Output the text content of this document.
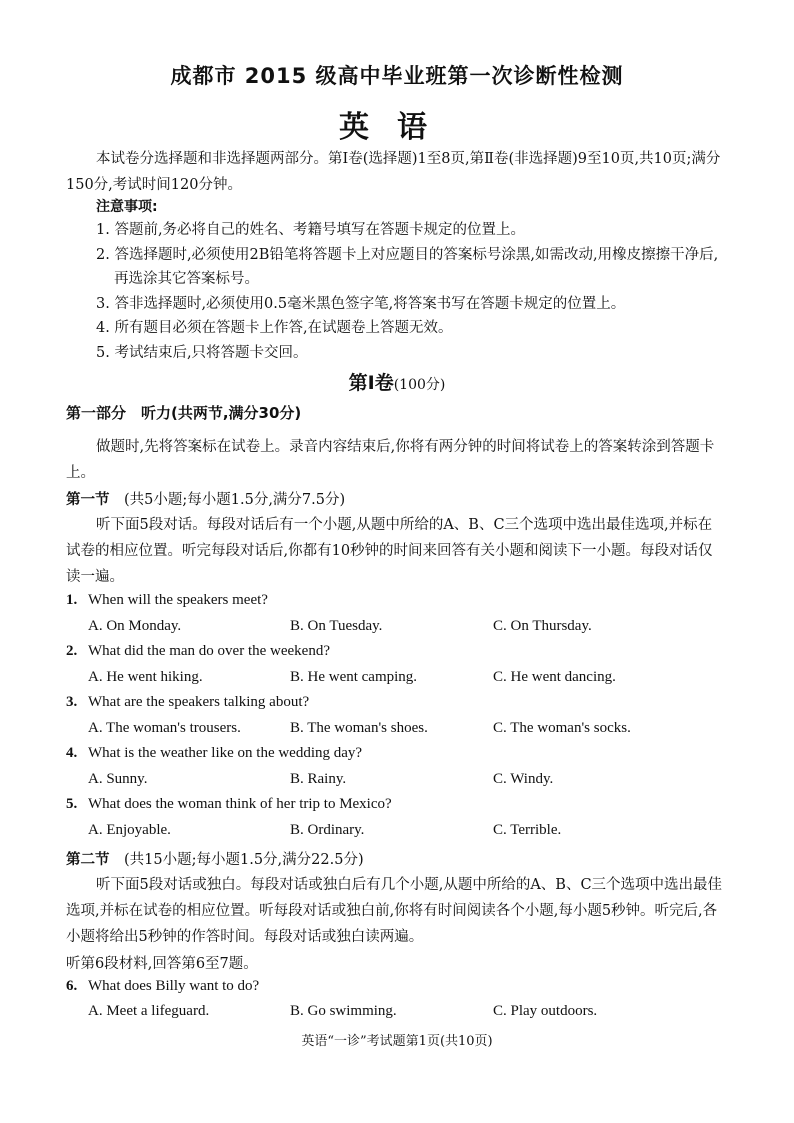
成都市 2015 级高中毕业班第一次诊断性检测
英语
本试卷分选择题和非选择题两部分。第Ⅰ卷(选择题)1至8页,第Ⅱ卷(非选择题)9至10页,共10页;满分150分,考试时间120分钟。
注意事项:
1. 答题前,务必将自己的姓名、考籍号填写在答题卡规定的位置上。
2. 答选择题时,必须使用2B铅笔将答题卡上对应题目的答案标号涂黑,如需改动,用橡皮擦擦干净后,再选涂其它答案标号。
3. 答非选择题时,必须使用0.5毫米黑色签字笔,将答案书写在答题卡规定的位置上。
4. 所有题目必须在答题卡上作答,在试题卷上答题无效。
5. 考试结束后,只将答题卡交回。
第Ⅰ卷(100分)
第一部分　听力(共两节,满分30分)
做题时,先将答案标在试卷上。录音内容结束后,你将有两分钟的时间将试卷上的答案转涂到答题卡上。
第一节　 (共5小题;每小题1.5分,满分7.5分)
听下面5段对话。每段对话后有一个小题,从题中所给的A、B、C三个选项中选出最佳选项,并标在试卷的相应位置。听完每段对话后,你都有10秒钟的时间来回答有关小题和阅读下一小题。每段对话仅读一遍。
1. When will the speakers meet?
A. On Monday.	B. On Tuesday.	C. On Thursday.
2. What did the man do over the weekend?
A. He went hiking.	B. He went camping.	C. He went dancing.
3. What are the speakers talking about?
A. The woman's trousers.	B. The woman's shoes.	C. The woman's socks.
4. What is the weather like on the wedding day?
A. Sunny.	B. Rainy.	C. Windy.
5. What does the woman think of her trip to Mexico?
A. Enjoyable.	B. Ordinary.	C. Terrible.
第二节　 (共15小题;每小题1.5分,满分22.5分)
听下面5段对话或独白。每段对话或独白后有几个小题,从题中所给的A、B、C三个选项中选出最佳选项,并标在试卷的相应位置。听每段对话或独白前,你将有时间阅读各个小题,每小题5秒钟。听完后,各小题将给出5秒钟的作答时间。每段对话或独白读两遍。
听第6段材料,回答第6至7题。
6. What does Billy want to do?
A. Meet a lifeguard.	B. Go swimming.	C. Play outdoors.
英语“一诊”考试题第1页(共10页)
